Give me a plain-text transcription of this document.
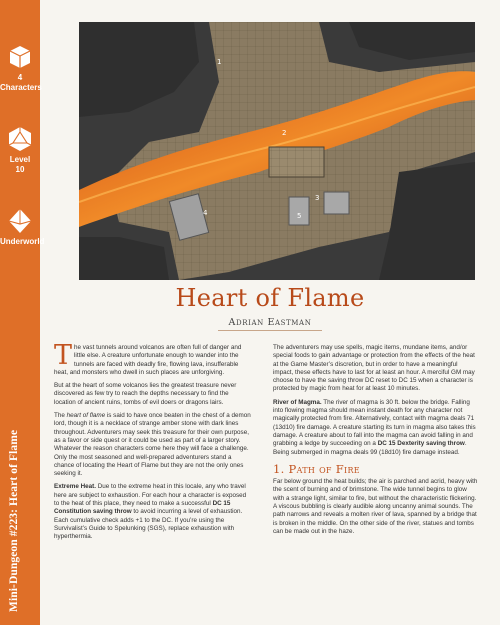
4
Characters
Level
10
Underworld
Mini-Dungeon #223: Heart of Flame
1
2
3
4	5
Heart of Flame
Adrian Eastman

The vast tunnels around volcanos are often full of danger and little else. A creature unfortunate enough to wander into the tunnels are faced with deadly fire, flowing lava, insufferable heat, and monsters who dwell in such places are unforgiving.

But at the heart of some volcanos lies the greatest treasure never discovered as few try to reach the depths necessary to find the location of ancient ruins, tombs of evil doers or dragons lairs.

The heart of flame is said to have once beaten in the chest of a demon lord, though it is a necklace of strange amber stone with dark lines throughout. Adventurers may seek this treasure for their own purpose, as a favor or side quest or it could be used as part of a larger story. Whatever the reason characters come here they will face a challenge. Only the most seasoned and well-prepared adventurers stand a chance of locating the Heart of Flame but they are not the only ones seeking it.

Extreme Heat. Due to the extreme heat in this locale, any who travel here are subject to exhaustion. For each hour a character is exposed to the heat of this place, they need to make a successful DC 15 Constitution saving throw to avoid incurring a level of exhaustion. Each cumulative check adds +1 to the DC. If you’re using the Survivalist’s Guide to Spelunking (SGS), replace exhaustion with hyperthermia.

The adventurers may use spells, magic items, mundane items, and/or special foods to gain advantage or protection from the effects of the heat at the Game Master’s discretion, but in order to have a meaningful impact, these effects have to last for at least an hour. A merciful GM may choose to have the saving throw DC reset to DC 15 when a character is protected by magic from heat for at least 10 minutes.

River of Magma. The river of magma is 30 ft. below the bridge. Falling into flowing magma should mean instant death for any character not magically protected from fire. Alternatively, contact with magma deals 71 (13d10) fire damage. A creature starting its turn in magma also takes this damage. A creature about to fall into the magma can avoid falling in and grabbing a ledge by succeeding on a DC 15 Dexterity saving throw. Being submerged in magma deals 99 (18d10) fire damage instead.

1. Path of Fire

Far below ground the heat builds; the air is parched and acrid, heavy with the scent of burning and of brimstone. The wide tunnel begins to glow with a strange light, similar to fire, but without the characteristic flickering. A viscous bubbling is clearly audible along uncanny animal sounds. The path narrows and reveals a molten river of lava, spanned by a bridge that is broken in the middle. On the other side of the river, statues and tombs can be made out in the haze.
